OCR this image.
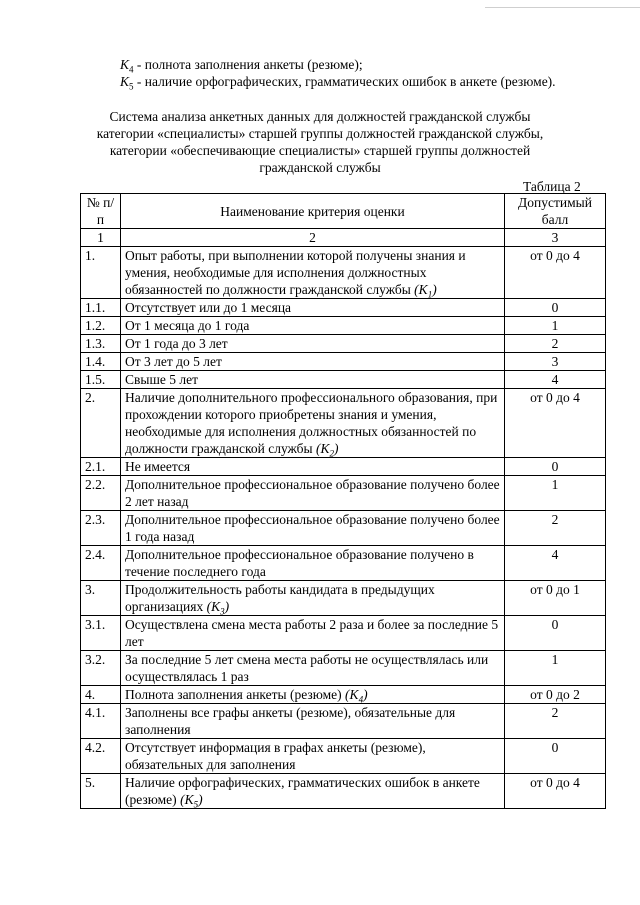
$K_4$ - полнота заполнения анкеты (резюме);
$K_5$ - наличие орфографических, грамматических ошибок в анкете (резюме).
Система анализа анкетных данных для должностей гражданской службы категории «специалисты» старшей группы должностей гражданской службы, категории «обеспечивающие специалисты» старшей группы должностей гражданской службы
Таблица 2
№ п/п	Наименование критерия оценки	Допустимый балл
1	2	3
1.	Опыт работы, при выполнении которой получены знания и умения, необходимые для исполнения должностных обязанностей по должности гражданской службы $(K_1)$	от 0 до 4
1.1.	Отсутствует или до 1 месяца	0
1.2.	От 1 месяца до 1 года	1
1.3.	От 1 года до 3 лет	2
1.4.	От 3 лет до 5 лет	3
1.5.	Свыше 5 лет	4
2.	Наличие дополнительного профессионального образования, при прохождении которого приобретены знания и умения, необходимые для исполнения должностных обязанностей по должности гражданской службы $(K_2)$	от 0 до 4
2.1.	Не имеется	0
2.2.	Дополнительное профессиональное образование получено более 2 лет назад	1
2.3.	Дополнительное профессиональное образование получено более 1 года назад	2
2.4.	Дополнительное профессиональное образование получено в течение последнего года	4
3.	Продолжительность работы кандидата в предыдущих организациях $(K_3)$	от 0 до 1
3.1.	Осуществлена смена места работы 2 раза и более за последние 5 лет	0
3.2.	За последние 5 лет смена места работы не осуществлялась или осуществлялась 1 раз	1
4.	Полнота заполнения анкеты (резюме) $(K_4)$	от 0 до 2
4.1.	Заполнены все графы анкеты (резюме), обязательные для заполнения	2
4.2.	Отсутствует информация в графах анкеты (резюме), обязательных для заполнения	0
5.	Наличие орфографических, грамматических ошибок в анкете (резюме) $(K_5)$	от 0 до 4
